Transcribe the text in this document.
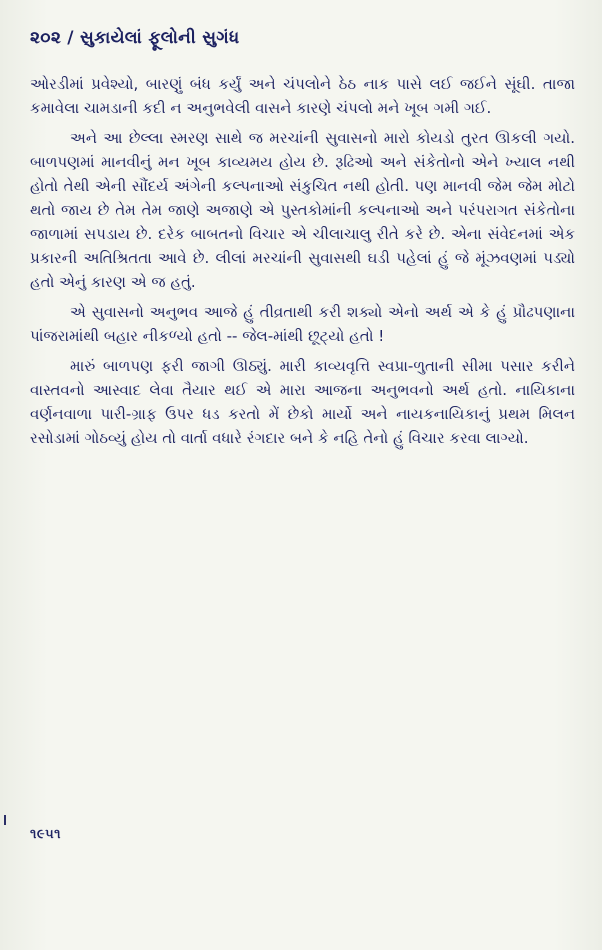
૨૦૨ / સુકાયેલાં ફૂલોની સુગંધ

ઓરડીમાં પ્રવેશ્યો, બારણું બંધ કર્યું અને ચંપલોને ઠેઠ નાક પાસે લઈ જઈને સૂંઘી. તાજા કમાવેલા ચામડાની કદી ન અનુભવેલી વાસને કારણે ચંપલો મને ખૂબ ગમી ગઈ.

અને આ છેલ્લા સ્મરણ સાથે જ મરચાંની સુવાસનો મારો કોયડો તુરત ઊકલી ગયો. બાળપણમાં માનવીનું મન ખૂબ કાવ્યમય હોય છે. રૂઢિઓ અને સંકેતોનો એને ખ્યાલ નથી હોતો તેથી એની સૌંદર્ય અંગેની કલ્પનાઓ સંકુચિત નથી હોતી. પણ માનવી જેમ જેમ મોટો થતો જાય છે તેમ તેમ જાણે અજાણે એ પુસ્તકોમાંની કલ્પનાઓ અને પરંપરાગત સંકેતોના જાળામાં સપડાય છે. દરેક બાબતનો વિચાર એ ચીલાચાલુ રીતે કરે છે. એના સંવેદનમાં એક પ્રકારની અતિશ્રિતતા આવે છે. લીલાં મરચાંની સુવાસથી ઘડી પહેલાં હું જે મૂંઝવણમાં પડ્યો હતો એનું કારણ એ જ હતું.

એ સુવાસનો અનુભવ આજે હું તીવ્રતાથી કરી શક્યો એનો અર્થ એ કે હું પ્રૌઢપણાના પાંજરામાંથી બહાર નીકળ્યો હતો -- જેલ-માંથી છૂટ્યો હતો !

મારું બાળપણ ફરી જાગી ઊઠ્યું. મારી કાવ્યવૃત્તિ સ્વપ્રા-ળુતાની સીમા પસાર કરીને વાસ્તવનો આસ્વાદ લેવા તૈયાર થઈ એ મારા આજના અનુભવનો અર્થ હતો. નાયિકાના વર્ણનવાળા પારી-ગ્રાફ ઉપર ધડ કરતો મેં છેકો માર્યો અને નાયકનાયિકાનું પ્રથમ મિલન રસોડામાં ગોઠવ્યું હોય તો વાર્તા વધારે રંગદાર બને કે નહિ તેનો હું વિચાર કરવા લાગ્યો.

૧૯૫૧
